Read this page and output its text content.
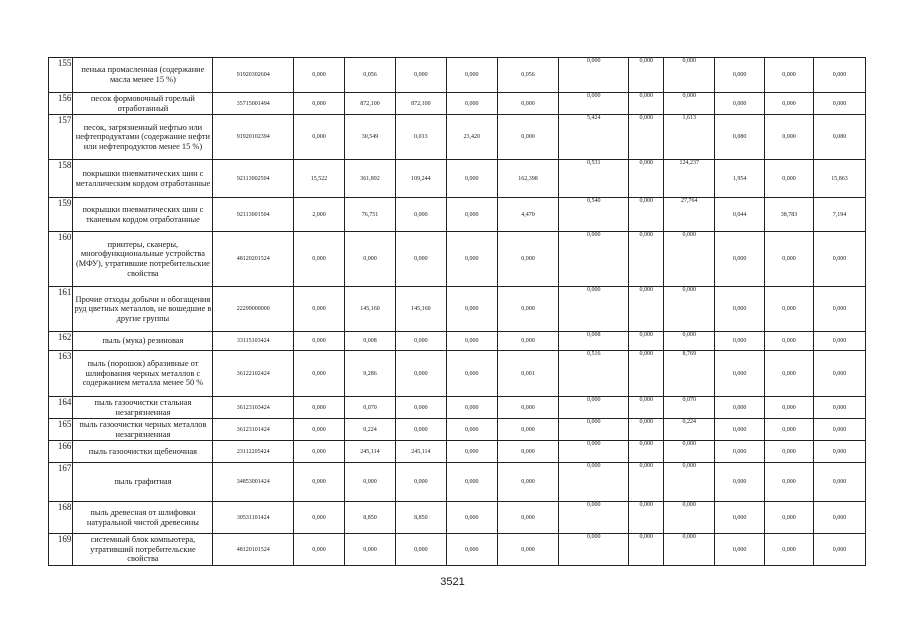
155	пенька промасленная (содержание масла менее 15 %)	91920302604	0,000	0,056	0,000	0,000	0,056	0,000	0,000	0,000	0,000	0,000	0,000
156	песок формовочный горелый отработанный	35715001494	0,000	872,100	872,100	0,000	0,000	0,000	0,000	0,000	0,000	0,000	0,000
157	песок, загрязненный нефтью или нефтепродуктами (содержание нефти или нефтепродуктов менее 15 %)	91920102394	0,000	30,549	0,013	23,420	0,000	5,424	0,000	1,613	0,080	0,000	0,080
158	покрышки пневматических шин с металлическим кордом отработанные	92113002504	15,522	361,892	109,244	0,000	162,398	0,531	0,000	124,237	1,954	0,000	15,863
159	покрышки пневматических шин с тканевым кордом отработанные	92113001504	2,000	76,751	0,000	0,000	4,470	0,540	0,000	27,764	0,044	38,783	7,194
160	принтеры, сканеры, многофункциональные устройства (МФУ), утратившие потребительские свойства	48120201524	0,000	0,000	0,000	0,000	0,000	0,000	0,000	0,000	0,000	0,000	0,000
161	Прочие отходы добычи и обогащения руд цветных металлов, не вошедшие в другие группы	22299000000	0,000	145,160	145,160	0,000	0,000	0,000	0,000	0,000	0,000	0,000	0,000
162	пыль (мука) резиновая	33115103424	0,000	0,008	0,000	0,000	0,000	0,008	0,000	0,000	0,000	0,000	0,000
163	пыль (порошок) абразивные от шлифования черных металлов с содержанием металла менее 50 %	36122102424	0,000	9,286	0,000	0,000	0,001	0,516	0,000	8,769	0,000	0,000	0,000
164	пыль газоочистки стальная незагрязненная	36123103424	0,000	0,070	0,000	0,000	0,000	0,000	0,000	0,070	0,000	0,000	0,000
165	пыль газоочистки черных металлов незагрязненная	36123101424	0,000	0,224	0,000	0,000	0,000	0,000	0,000	0,224	0,000	0,000	0,000
166	пыль газоочистки щебеночная	23112205424	0,000	245,114	245,114	0,000	0,000	0,000	0,000	0,000	0,000	0,000	0,000
167	пыль графитная	34853001424	0,000	0,000	0,000	0,000	0,000	0,000	0,000	0,000	0,000	0,000	0,000
168	пыль древесная от шлифовки натуральной чистой древесины	30531101424	0,000	8,850	8,850	0,000	0,000	0,000	0,000	0,000	0,000	0,000	0,000
169	системный блок компьютера, утративший потребительские свойства	48120101524	0,000	0,000	0,000	0,000	0,000	0,000	0,000	0,000	0,000	0,000	0,000
3521
